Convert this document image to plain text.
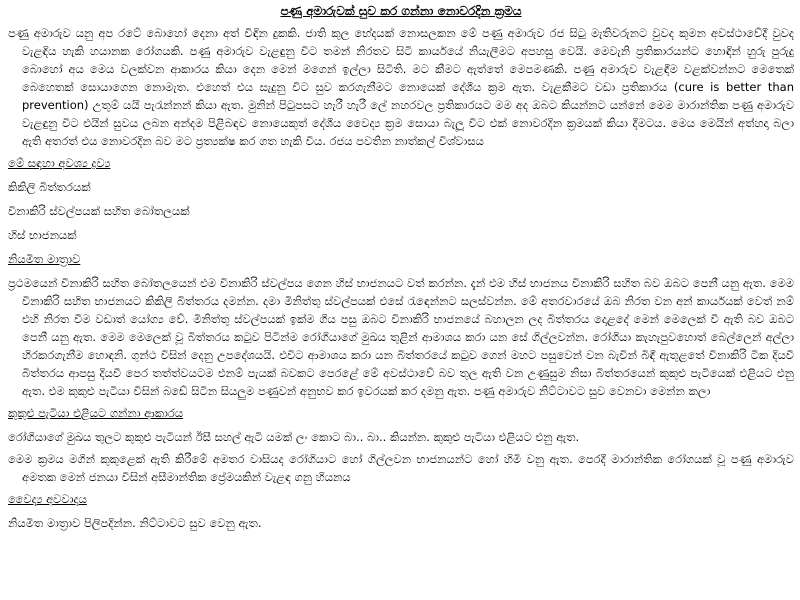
පණු අමාරුවක් සුව කර ගන්නා නොවරදින ක්‍රමය
පණු අමාරුව යනු අප රටේ බොහෝ දෙනා අත් විඳින දුකකි. ජාති කුල භේදයක් නොසලකන මේ පණු අමාරුව රජ සිටු මැතිවරුනට වුවද කුමන අවස්ථාවේදී වුවද වැළඳිය හැකි හයානක රෝගයකි. පණු අමාරුව වැළඳුනු විට තමන් නිරතව සිටි කාර්යයේ නියැලීමට අපහසු වෙයි. මෙවැනි ප්‍රතිකාරයන්ට හොඳින් හුරු පුරුදු බොහෝ අය මෙය වලක්වන ආකාරය කියා දෙන මෙන් මගෙන් ඉල්ලා සිටිති. මට කීමට ඇත්තේ මෙපමණකි. පණු අමාරුව වැළඳීම වළක්වන්නට මෙතෙක් බෙහෙතක් සොයාගෙන නොමැත. එහෙත් එය සැදුනු විට සුව කරගැනීමට නොයෙක් දේශීය ක්‍රම ඇත. වැළකීමට වඩා ප්‍රතිකාරය (cure is better than prevention) උතුම් යයි පැරැන්නන් කියා ඇත. මුනින් පිටුපසට හැරී හැරී ලේ නහරවල ප්‍රතිකාරයට මම අද ඔබට කියන්නට යන්නේ මෙම මාරාන්තික පණු අමාරුව වැළඳුනු විට එයින් සුවය ලබන අන්දම පිළිබඳව නොයෙකුත් දේශීය වෛද්‍ය ක්‍රම සොයා බැලූ විට එක් නොවරදින ක්‍රමයක් කියා දීමටය. මෙය මෙයින් අත්හදා බලා ඇති අතරත් එය නොවරදින බව මට ප්‍රත්‍යක්ෂ කර ගත හැකි විය. රජය පවතින නාත්කල් විශ්වාසය
මේ සඳහා අවශ්‍ය ද්‍රව්‍ය
කිකිලි බිත්තරයක්
විනාකිරි ස්වල්පයක් සහිත බෝතලයක්
හිස් භාජනයක්
නියමිත මාත්‍රාව
ප්‍රථමයෙන් විනාකිරි සහිත බෝතලයෙන් එම විනාකිරි ස්වල්පය ගෙන හිස් භාජනයට වත් කරන්න. දැන් එම හිස් භාජනය විනාකිරි සහිත බව ඔබට පෙනී යනු ඇත. මෙම විනාකිරි සහිත භාජනයට කිකිලි බිත්තරය දමන්න. දමා මිනිත්තු ස්වල්පයක් එසේ රැඳෙන්නට සලස්වන්න. මේ අතරවාරයේ ඔබ නිරත වන අන් කාර්යයක් වෙත් නම් එහි නිරත වීම වඩාත් යෝග්‍ය වේ. මිනිත්තු ස්වල්පයක් ඉක්ම ගිය පසු ඔබට විනාකිරි භාජනයේ බහාලන ලද බිත්තරය දොළදේ මෙන් මෙලෙක් වී ඇති බව ඔබට පෙනී යනු ඇත. මෙම මෙලෙක් වූ බිත්තරය කටුව පිටින්ම රෝගියාගේ මුඛය තුළින් ආමාශය කරා යන සේ ගිල්ලවන්න. රෝගියා කැහැපුවහොත් බෙල්ලෙන් අල්ලා හිරකරගැනීම හොඳනි. ගුන්ථ විසින් දෙනු උපදේශයයි. එවිට ආමාශය කරා යන බිත්තරයේ කටුව ගෙන් මහට පසුවෙන් වන බැවින් බිඳී ඇතුළතේ විනාකිරි ටික දියවී බිත්තරය ආපසු දියවී පෙර තත්ත්වයටම එනම් පැයක් බවකට පෙරළේ මේ අවස්ථාවේ බව තුල ඇති වන උණුසුම නිසා බිත්තරයෙන් කුකුළු පැටියෙක් එළියට එනු ඇත. එම කුකුළු පැටියා විසින් බඩේ සිටින සියලුම පණුවන් අනුභව කර ඉවරයක් කර දමනු ඇත. පණු අමාරුව නිට්ටාවට සුව වෙනවා මෙන්න කලා
කුකුළු පැටියා එළියට ගන්නා ආකාරය
රෝගියාගේ මුඛය තුලට කුකුළු පැටියන් ඊසී සහල් ඇටි යමක් ලං කොට බා.. බා.. කියන්න. කුකුළු පැටියා එළියට එනු ඇත.
මෙම ක්‍රමය මගින් කුකුළෙක් ඇති කිරීමේ අමතර වාසියද රෝගියාට හෝ ගිල්ලවන භාජනයන්ට හෝ හිමි වනු ඇත. පෙරදී මාරාන්තික රෝගයක් වූ පණු අමාරුව අමතක මෙන් ජනයා විසින් අසීමාන්තික ප්‍රේමයකින් වැළඳ ගනු හියනය
වෛද්‍ය අවවාදය
නියමිත මාත්‍රාව පිලිපදින්න. නිට්ටාවට සුව වෙනු ඇත.
